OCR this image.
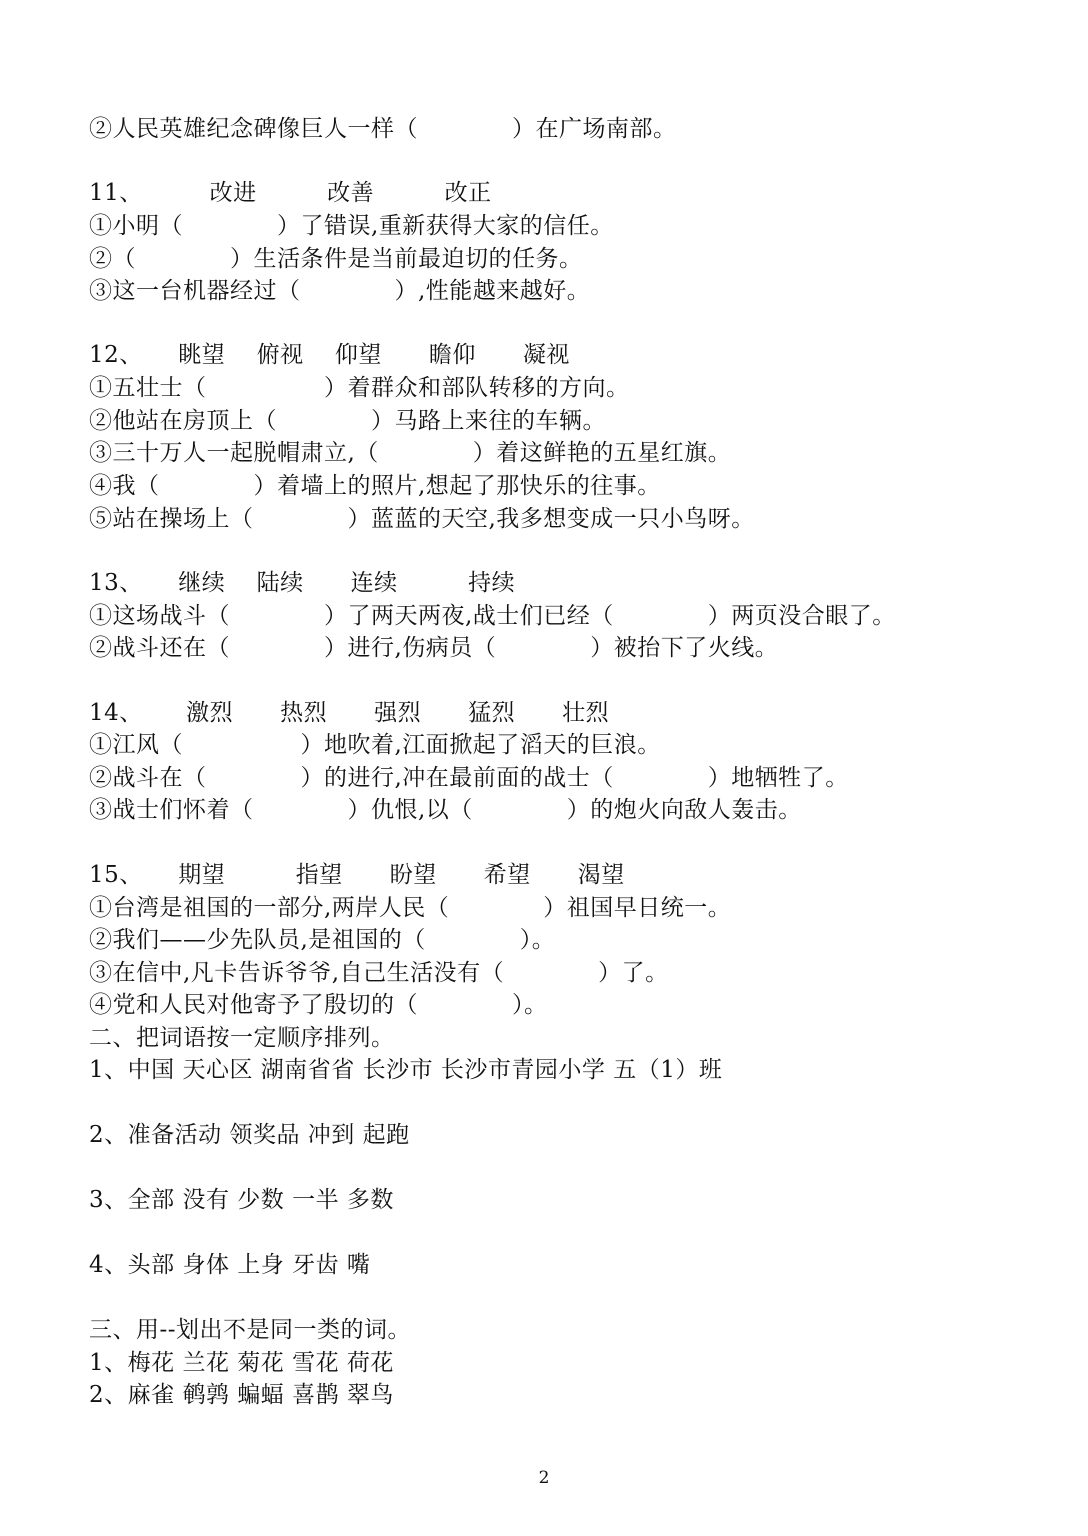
②人民英雄纪念碑像巨人一样（　　　　）在广场南部。
11、　　　 改进　　　改善　　　改正
①小明（　　　　）了错误,重新获得大家的信任。
②（　　　　）生活条件是当前最迫切的任务。
③这一台机器经过（　　　　）,性能越来越好。
12、　　眺望　 俯视　 仰望　　瞻仰　　凝视
①五壮士（　　　　　）着群众和部队转移的方向。
②他站在房顶上（　　　　）马路上来往的车辆。
③三十万人一起脱帽肃立,（　　　　）着这鲜艳的五星红旗。
④我（　　　　）着墙上的照片,想起了那快乐的往事。
⑤站在操场上（　　　　）蓝蓝的天空,我多想变成一只小鸟呀。
13、　　继续　 陆续　　连续　　　持续
①这场战斗（　　　　）了两天两夜,战士们已经（　　　　）两页没合眼了。
②战斗还在（　　　　）进行,伤病员（　　　　）被抬下了火线。
14、　　 激烈　　热烈　　强烈　　猛烈　　壮烈
①江风（　　　　　）地吹着,江面掀起了滔天的巨浪。
②战斗在（　　　　）的进行,冲在最前面的战士（　　　　）地牺牲了。
③战士们怀着（　　　　）仇恨,以（　　　　）的炮火向敌人轰击。
15、　　期望　　　指望　　盼望　　希望　　渴望
①台湾是祖国的一部分,两岸人民（　　　　）祖国早日统一。
②我们——少先队员,是祖国的（　　　　）。
③在信中,凡卡告诉爷爷,自己生活没有（　　　　）了。
④党和人民对他寄予了殷切的（　　　　）。
二、把词语按一定顺序排列。
1、中国 天心区 湖南省省 长沙市 长沙市青园小学 五（1）班
2、准备活动 领奖品 冲到 起跑
3、全部 没有 少数 一半 多数
4、头部 身体 上身 牙齿 嘴
三、用--划出不是同一类的词。
1、梅花 兰花 菊花 雪花 荷花
2、麻雀 鹌鹑 蝙蝠 喜鹊 翠鸟
2
